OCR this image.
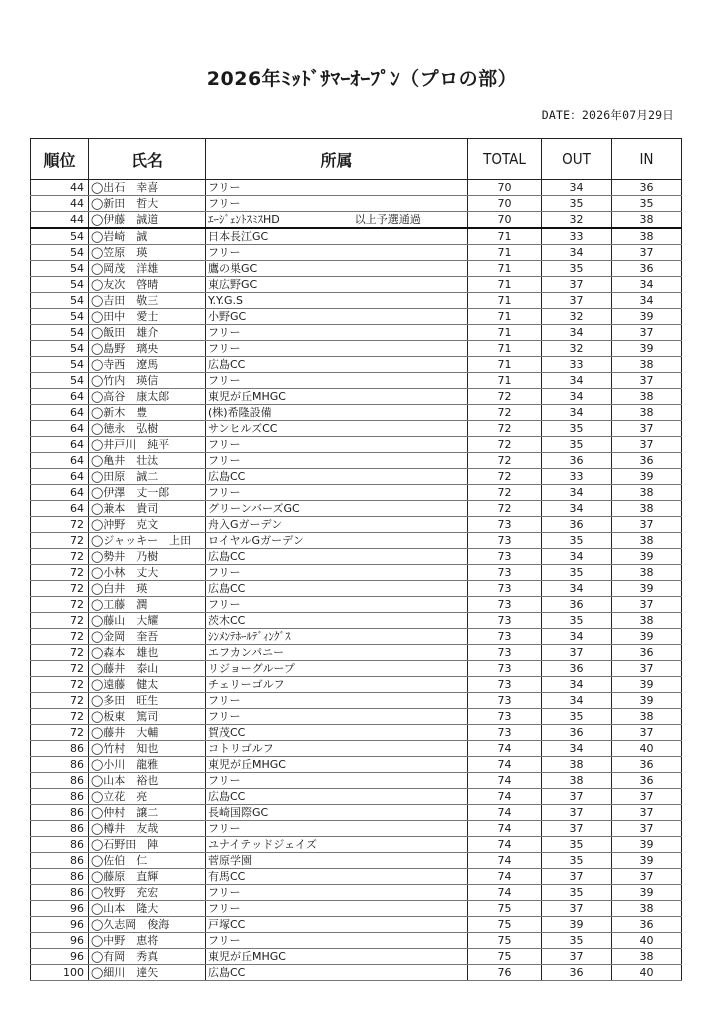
2026年ﾐｯﾄﾞｻﾏｰｵｰﾌﾟﾝ（プロの部）
DATE：2026年07月29日
順位	氏名	所属	TOTAL	OUT	IN
44	◯出石　幸喜	フリー	70	34	36
44	◯新田　哲大	フリー	70	35	35
44	◯伊藤　誠道	ｴｰｼﾞｪﾝﾄｽﾐｽHD 以上予選通過	70	32	38
54	◯岩崎　誠	日本長江GC	71	33	38
54	◯笠原　瑛	フリー	71	34	37
54	◯岡茂　洋雄	鷹の巣GC	71	35	36
54	◯友次　啓晴	東広野GC	71	37	34
54	◯吉田　敬三	Y.Y.G.S	71	37	34
54	◯田中　愛士	小野GC	71	32	39
54	◯飯田　雄介	フリー	71	34	37
54	◯島野　璃央	フリー	71	32	39
54	◯寺西　遼馬	広島CC	71	33	38
54	◯竹内　瑛信	フリー	71	34	37
64	◯高谷　康太郎	東児が丘MHGC	72	34	38
64	◯新木　豊	(株)希隆設備	72	34	38
64	◯徳永　弘樹	サンヒルズCC	72	35	37
64	◯井戸川　純平	フリー	72	35	37
64	◯亀井　壮汰	フリー	72	36	36
64	◯田原　誠二	広島CC	72	33	39
64	◯伊澤　丈一郎	フリー	72	34	38
64	◯兼本　貴司	グリーンバーズGC	72	34	38
72	◯沖野　克文	舟入Gガーデン	73	36	37
72	◯ジャッキー　上田	ロイヤルGガーデン	73	35	38
72	◯勢井　乃樹	広島CC	73	34	39
72	◯小林　丈大	フリー	73	35	38
72	◯白井　瑛	広島CC	73	34	39
72	◯工藤　潤	フリー	73	36	37
72	◯藤山　大耀	茨木CC	73	35	38
72	◯金岡　奎吾	ｼﾝﾒﾝﾃﾎｰﾙﾃﾞｨﾝｸﾞｽ	73	34	39
72	◯森本　雄也	エフカンパニー	73	37	36
72	◯藤井　泰山	リジョーグループ	73	36	37
72	◯遠藤　健太	チェリーゴルフ	73	34	39
72	◯多田　旺生	フリー	73	34	39
72	◯板東　篤司	フリー	73	35	38
72	◯藤井　大輔	賀茂CC	73	36	37
86	◯竹村　知也	コトリゴルフ	74	34	40
86	◯小川　龍雅	東児が丘MHGC	74	38	36
86	◯山本　裕也	フリー	74	38	36
86	◯立花　亮	広島CC	74	37	37
86	◯仲村　譲二	長崎国際GC	74	37	37
86	◯樽井　友哉	フリー	74	37	37
86	◯石野田　陣	ユナイテッドジェイズ	74	35	39
86	◯佐伯　仁	菅原学園	74	35	39
86	◯藤原　直輝	有馬CC	74	37	37
86	◯牧野　充宏	フリー	74	35	39
96	◯山本　隆大	フリー	75	37	38
96	◯久志岡　俊海	戸塚CC	75	39	36
96	◯中野　恵将	フリー	75	35	40
96	◯有岡　秀真	東児が丘MHGC	75	37	38
100	◯細川　達矢	広島CC	76	36	40
